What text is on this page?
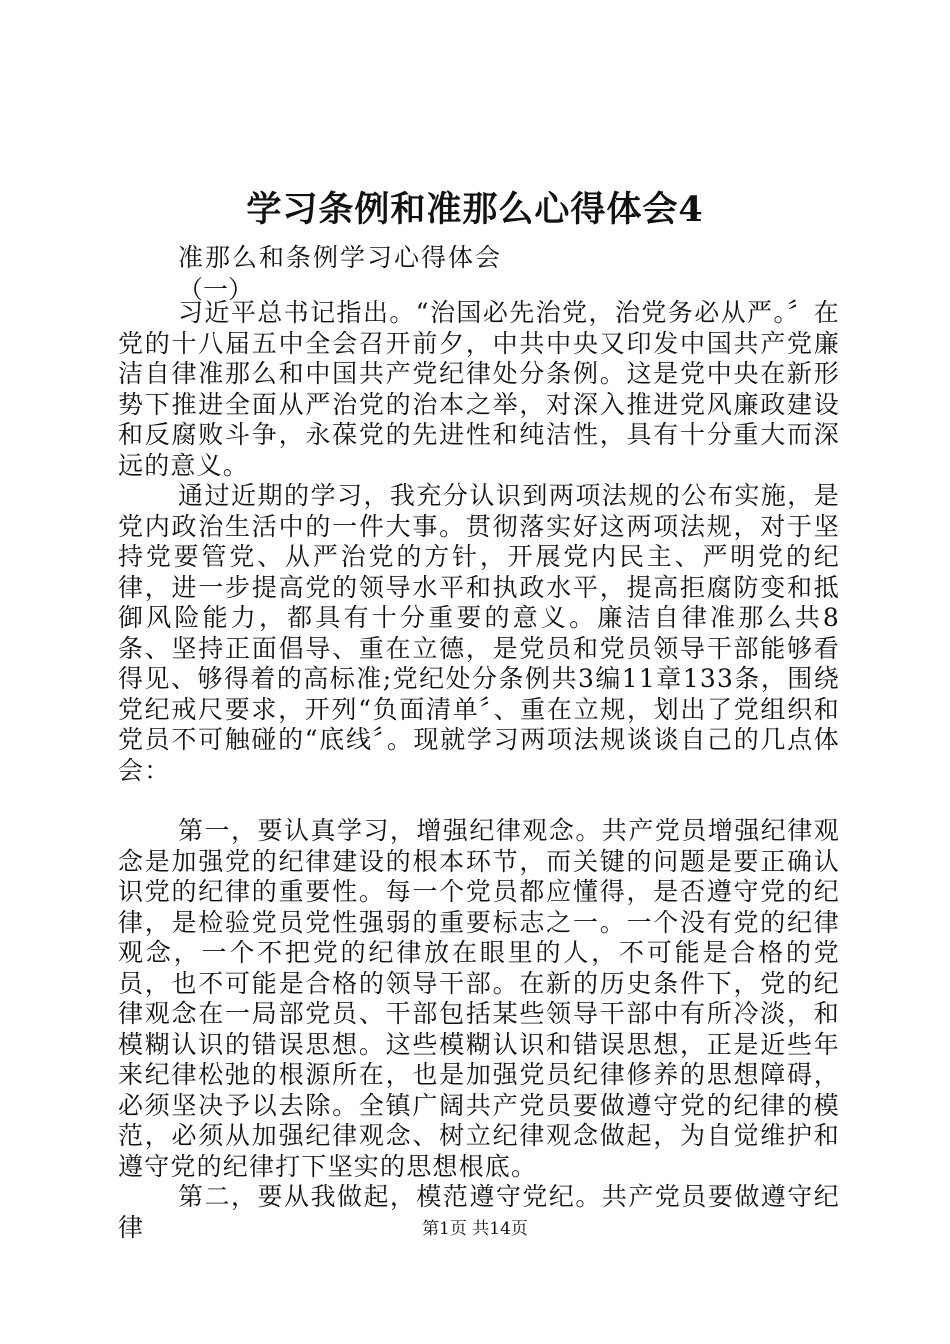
学习条例和准那么心得体会4
准那么和条例学习心得体会
（一）

习近平总书记指出。“治国必先治党，治党务必从严。〞在党的十八届五中全会召开前夕，中共中央又印发中国共产党廉洁自律准那么和中国共产党纪律处分条例。这是党中央在新形势下推进全面从严治党的治本之举，对深入推进党风廉政建设和反腐败斗争，永葆党的先进性和纯洁性，具有十分重大而深远的意义。

通过近期的学习，我充分认识到两项法规的公布实施，是党内政治生活中的一件大事。贯彻落实好这两项法规，对于坚持党要管党、从严治党的方针，开展党内民主、严明党的纪律，进一步提高党的领导水平和执政水平，提高拒腐防变和抵御风险能力，都具有十分重要的意义。廉洁自律准那么共8条、坚持正面倡导、重在立德，是党员和党员领导干部能够看得见、够得着的高标准;党纪处分条例共3编11章133条，围绕党纪戒尺要求，开列“负面清单〞、重在立规，划出了党组织和党员不可触碰的“底线〞。现就学习两项法规谈谈自己的几点体会：

第一，要认真学习，增强纪律观念。共产党员增强纪律观念是加强党的纪律建设的根本环节，而关键的问题是要正确认识党的纪律的重要性。每一个党员都应懂得，是否遵守党的纪律，是检验党员党性强弱的重要标志之一。一个没有党的纪律观念，一个不把党的纪律放在眼里的人，不可能是合格的党员，也不可能是合格的领导干部。在新的历史条件下，党的纪律观念在一局部党员、干部包括某些领导干部中有所冷淡，和模糊认识的错误思想。这些模糊认识和错误思想，正是近些年来纪律松弛的根源所在，也是加强党员纪律修养的思想障碍，必须坚决予以去除。全镇广阔共产党员要做遵守党的纪律的模范，必须从加强纪律观念、树立纪律观念做起，为自觉维护和遵守党的纪律打下坚实的思想根底。

第二，要从我做起，模范遵守党纪。共产党员要做遵守纪律	第1页 共14页
